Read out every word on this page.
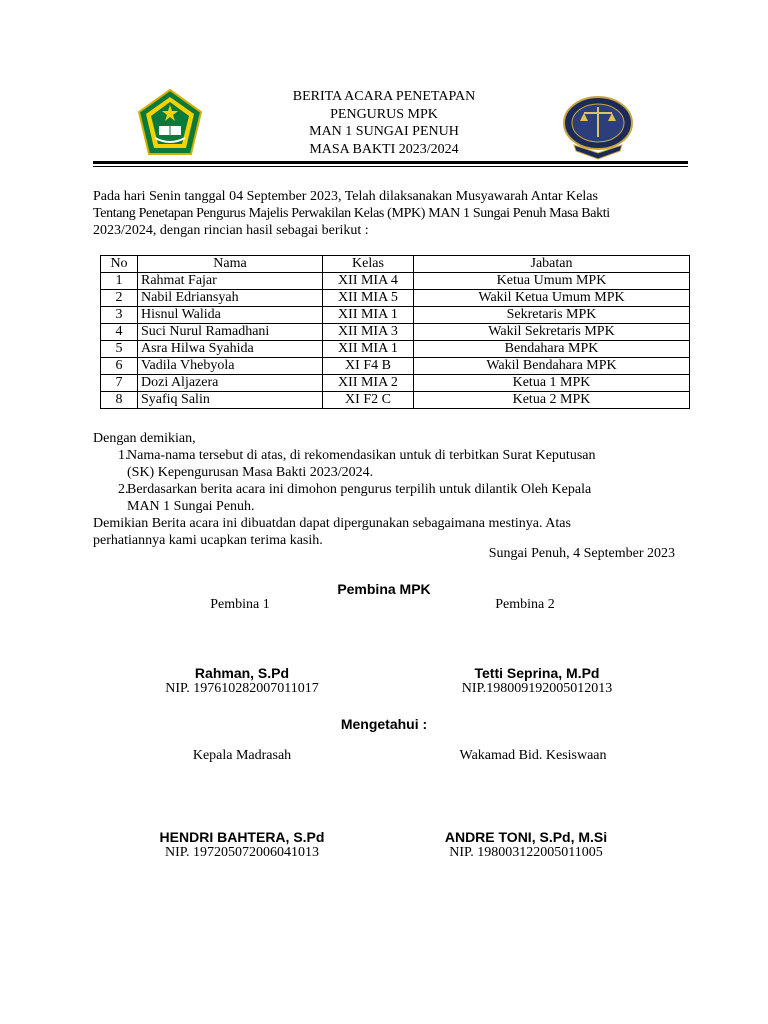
BERITA ACARA PENETAPAN
PENGURUS MPK
MAN 1 SUNGAI PENUH
MASA BAKTI 2023/2024
Pada hari Senin tanggal 04 September 2023, Telah dilaksanakan Musyawarah Antar Kelas
Tentang Penetapan Pengurus Majelis Perwakilan Kelas (MPK) MAN 1 Sungai Penuh Masa Bakti
2023/2024, dengan rincian hasil sebagai berikut :
No	Nama	Kelas	Jabatan
1	Rahmat Fajar	XII MIA 4	Ketua Umum MPK
2	Nabil Edriansyah	XII MIA 5	Wakil Ketua Umum MPK
3	Hisnul Walida	XII MIA 1	Sekretaris MPK
4	Suci Nurul Ramadhani	XII MIA 3	Wakil Sekretaris MPK
5	Asra Hilwa Syahida	XII MIA 1	Bendahara MPK
6	Vadila Vhebyola	XI F4 B	Wakil Bendahara MPK
7	Dozi Aljazera	XII MIA 2	Ketua 1 MPK
8	Syafiq Salin	XI F2 C	Ketua 2 MPK
Dengan demikian,
1.
Nama-nama tersebut di atas, di rekomendasikan untuk di terbitkan Surat Keputusan
(SK) Kepengurusan Masa Bakti 2023/2024.
2.
Berdasarkan berita acara ini dimohon pengurus terpilih untuk dilantik Oleh Kepala
MAN 1 Sungai Penuh.
Demikian Berita acara ini dibuatdan dapat dipergunakan sebagaimana mestinya. Atas
perhatiannya kami ucapkan terima kasih.
Sungai Penuh, 4 September 2023
Pembina MPK
Pembina 1	Pembina 2
Rahman, S.Pd
NIP. 197610282007011017
Tetti Seprina, M.Pd
NIP.198009192005012013
Mengetahui :
Kepala Madrasah	Wakamad Bid. Kesiswaan
HENDRI BAHTERA, S.Pd
NIP. 197205072006041013
ANDRE TONI, S.Pd, M.Si
NIP. 198003122005011005
